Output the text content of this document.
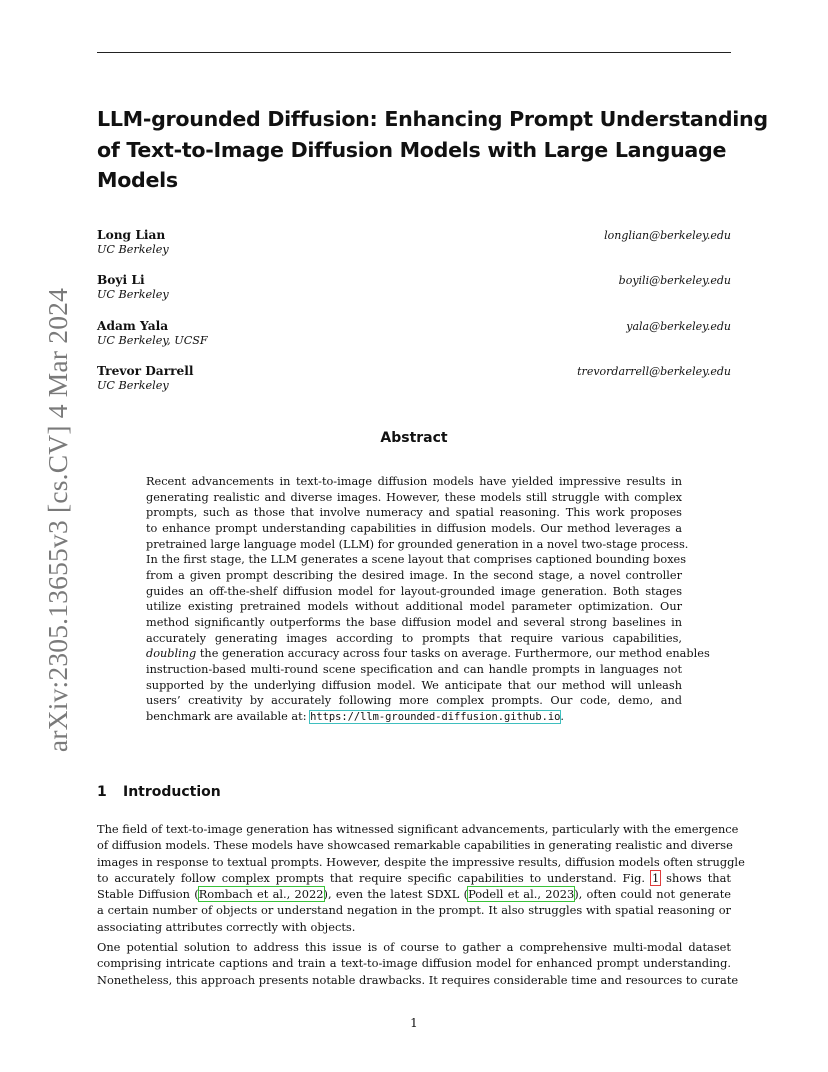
LLM-grounded Diffusion: Enhancing Prompt Understanding
of Text-to-Image Diffusion Models with Large Language
Models
Long Lian
UC Berkeley
longlian@berkeley.edu
Boyi Li
UC Berkeley
boyili@berkeley.edu
Adam Yala
UC Berkeley, UCSF
yala@berkeley.edu
Trevor Darrell
UC Berkeley
trevordarrell@berkeley.edu
Abstract
Recent advancements in text-to-image diffusion models have yielded impressive results in
generating realistic and diverse images. However, these models still struggle with complex
prompts, such as those that involve numeracy and spatial reasoning. This work proposes
to enhance prompt understanding capabilities in diffusion models. Our method leverages a
pretrained large language model (LLM) for grounded generation in a novel two-stage process.
In the first stage, the LLM generates a scene layout that comprises captioned bounding boxes
from a given prompt describing the desired image. In the second stage, a novel controller
guides an off-the-shelf diffusion model for layout-grounded image generation. Both stages
utilize existing pretrained models without additional model parameter optimization. Our
method significantly outperforms the base diffusion model and several strong baselines in
accurately generating images according to prompts that require various capabilities,
doubling the generation accuracy across four tasks on average. Furthermore, our method enables
instruction-based multi-round scene specification and can handle prompts in languages not
supported by the underlying diffusion model. We anticipate that our method will unleash
users’ creativity by accurately following more complex prompts. Our code, demo, and
benchmark are available at: https://llm-grounded-diffusion.github.io.
1 Introduction
The field of text-to-image generation has witnessed significant advancements, particularly with the emergence
of diffusion models. These models have showcased remarkable capabilities in generating realistic and diverse
images in response to textual prompts. However, despite the impressive results, diffusion models often struggle
to accurately follow complex prompts that require specific capabilities to understand. Fig. 1 shows that
Stable Diffusion (Rombach et al., 2022), even the latest SDXL (Podell et al., 2023), often could not generate
a certain number of objects or understand negation in the prompt. It also struggles with spatial reasoning or
associating attributes correctly with objects.
One potential solution to address this issue is of course to gather a comprehensive multi-modal dataset
comprising intricate captions and train a text-to-image diffusion model for enhanced prompt understanding.
Nonetheless, this approach presents notable drawbacks. It requires considerable time and resources to curate
arXiv:2305.13655v3 [cs.CV] 4 Mar 2024
1
